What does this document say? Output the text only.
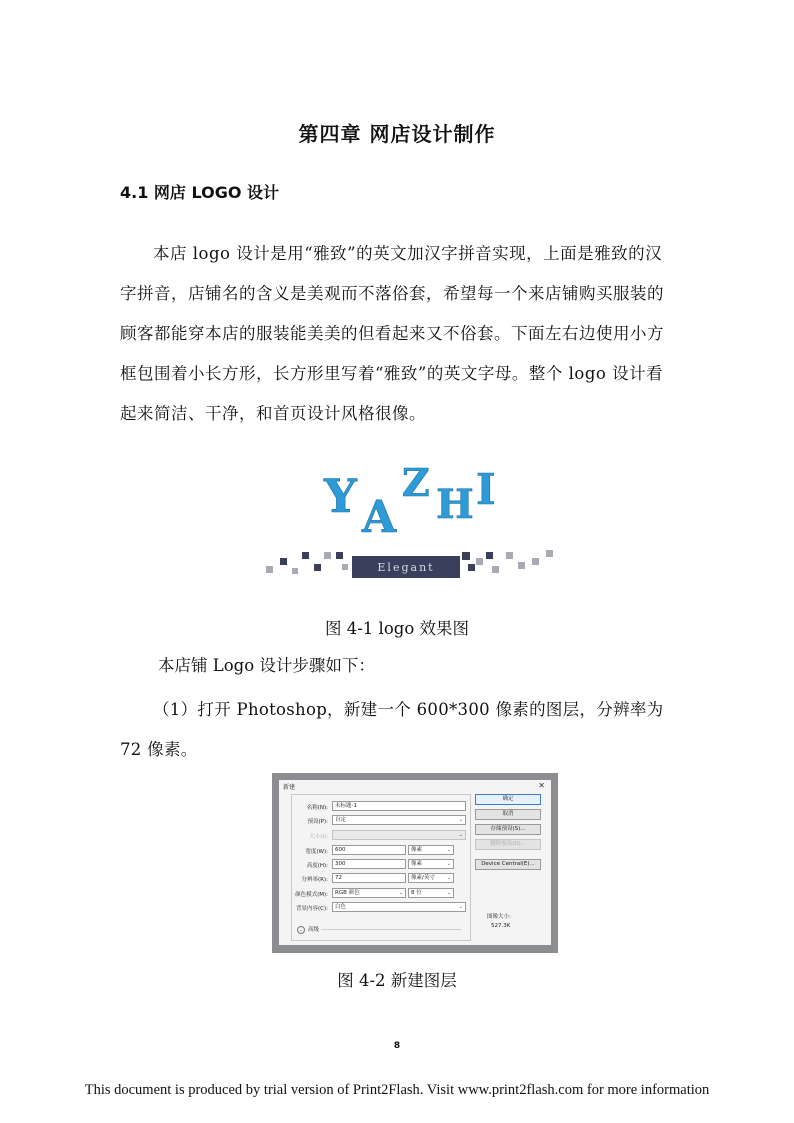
第四章 网店设计制作
4.1 网店 LOGO 设计

本店 logo 设计是用“雅致”的英文加汉字拼音实现，上面是雅致的汉字拼音，店铺名的含义是美观而不落俗套，希望每一个来店铺购买服装的顾客都能穿本店的服装能美美的但看起来又不俗套。下面左右边使用小方框包围着小长方形，长方形里写着“雅致”的英文字母。整个 logo 设计看起来简洁、干净，和首页设计风格很像。

Y A
Z H I
Elegant
图 4-1 logo 效果图
本店铺 Logo 设计步骤如下：

（1）打开 Photoshop，新建一个 600*300 像素的图层，分辨率为 72 像素。

新建	✕
名称(N):	未标题-1
预设(P):	自定	⌄
大小(I):	⌄
宽度(W):	600	像素	⌄
高度(H):	300	像素	⌄
分辨率(R):	72	像素/英寸 ⌄
颜色模式(M):	RGB 颜色	⌄	8 位	⌄
背景内容(C):	白色	⌄
⌄ 高级
确定
取消
存储预设(S)...
删除预设(D)...
Device Central(E)...
图像大小:
527.3K
图 4-2 新建图层
8
This document is produced by trial version of Print2Flash. Visit www.print2flash.com for more information
